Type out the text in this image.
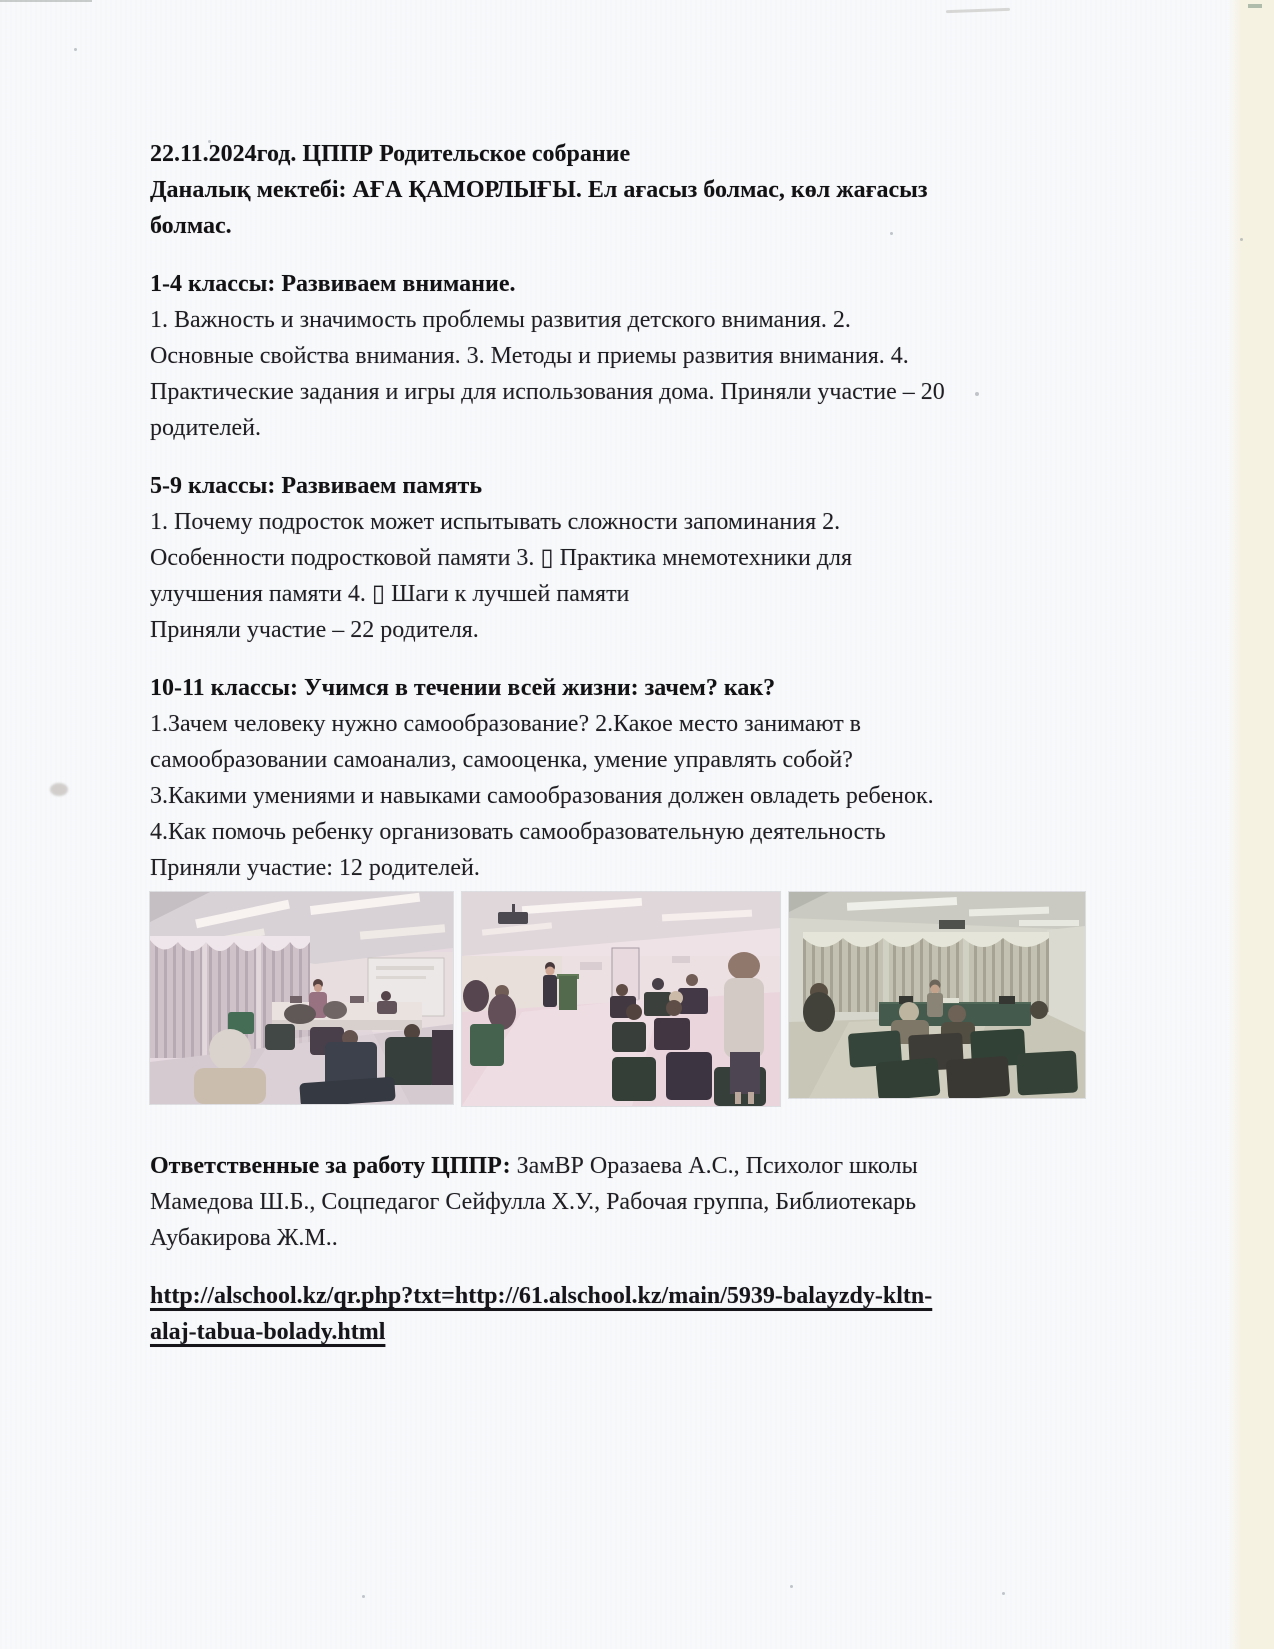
22.11.2024год. ЦППР Родительское собрание
Даналық мектебі: АҒА ҚАМОРЛЫҒЫ. Ел ағасыз болмас, көл жағасыз
болмас.
1-4 классы: Развиваем внимание.
1. Важность и значимость проблемы развития детского внимания. 2.
Основные свойства внимания. 3. Методы и приемы развития внимания. 4.
Практические задания и игры для использования дома. Приняли участие – 20
родителей.
5-9 классы: Развиваем память
1. Почему подросток может испытывать сложности запоминания 2.
Особенности подростковой памяти 3. ▯ Практика мнемотехники для
улучшения памяти 4. ▯ Шаги к лучшей памяти
Приняли участие – 22 родителя.
10-11 классы: Учимся в течении всей жизни: зачем? как?
1.Зачем человеку нужно самообразование? 2.Какое место занимают в
самообразовании самоанализ, самооценка, умение управлять собой?
3.Какими умениями и навыками самообразования должен овладеть ребенок.
4.Как помочь ребенку организовать самообразовательную деятельность
Приняли участие: 12 родителей.
Ответственные за работу ЦППР: ЗамВР Оразаева А.С., Психолог школы
Мамедова Ш.Б., Соцпедагог Сейфулла Х.У., Рабочая группа, Библиотекарь
Аубакирова Ж.М..
http://alschool.kz/qr.php?txt=http://61.alschool.kz/main/5939-balayzdy-kltn-
alaj-tabua-bolady.html
